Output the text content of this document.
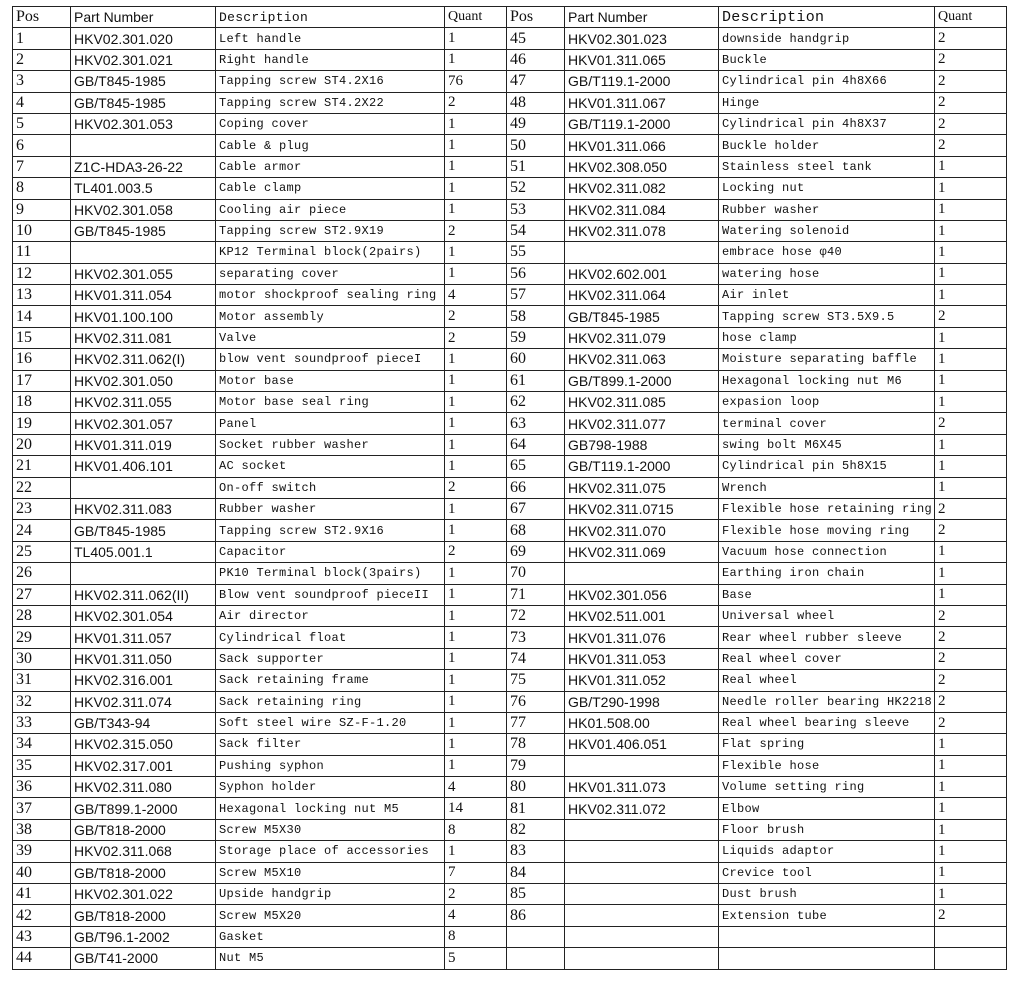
Pos	Part Number	Description	Quant	Pos	Part Number	Description	Quant
1	HKV02.301.020	Left handle	1	45	HKV02.301.023	downside handgrip	2
2	HKV02.301.021	Right handle	1	46	HKV01.311.065	Buckle	2
3	GB/T845-1985	Tapping screw ST4.2X16	76	47	GB/T119.1-2000	Cylindrical pin 4h8X66	2
4	GB/T845-1985	Tapping screw ST4.2X22	2	48	HKV01.311.067	Hinge	2
5	HKV02.301.053	Coping cover	1	49	GB/T119.1-2000	Cylindrical pin 4h8X37	2
6		Cable & plug	1	50	HKV01.311.066	Buckle holder	2
7	Z1C-HDA3-26-22	Cable armor	1	51	HKV02.308.050	Stainless steel tank	1
8	TL401.003.5	Cable clamp	1	52	HKV02.311.082	Locking nut	1
9	HKV02.301.058	Cooling air piece	1	53	HKV02.311.084	Rubber washer	1
10	GB/T845-1985	Tapping screw ST2.9X19	2	54	HKV02.311.078	Watering solenoid	1
11		KP12 Terminal block(2pairs)	1	55		embrace hose φ40	1
12	HKV02.301.055	separating cover	1	56	HKV02.602.001	watering hose	1
13	HKV01.311.054	motor shockproof sealing ring	4	57	HKV02.311.064	Air inlet	1
14	HKV01.100.100	Motor assembly	2	58	GB/T845-1985	Tapping screw ST3.5X9.5	2
15	HKV02.311.081	Valve	2	59	HKV02.311.079	hose clamp	1
16	HKV02.311.062(I)	blow vent soundproof pieceI	1	60	HKV02.311.063	Moisture separating baffle	1
17	HKV02.301.050	Motor base	1	61	GB/T899.1-2000	Hexagonal locking nut M6	1
18	HKV02.311.055	Motor base seal ring	1	62	HKV02.311.085	expasion loop	1
19	HKV02.301.057	Panel	1	63	HKV02.311.077	terminal cover	2
20	HKV01.311.019	Socket rubber washer	1	64	GB798-1988	swing bolt M6X45	1
21	HKV01.406.101	AC socket	1	65	GB/T119.1-2000	Cylindrical pin 5h8X15	1
22		On-off switch	2	66	HKV02.311.075	Wrench	1
23	HKV02.311.083	Rubber washer	1	67	HKV02.311.0715	Flexible hose retaining ring	2
24	GB/T845-1985	Tapping screw ST2.9X16	1	68	HKV02.311.070	Flexible hose moving ring	2
25	TL405.001.1	Capacitor	2	69	HKV02.311.069	Vacuum hose connection	1
26		PK10 Terminal block(3pairs)	1	70		Earthing iron chain	1
27	HKV02.311.062(II)	Blow vent soundproof pieceII	1	71	HKV02.301.056	Base	1
28	HKV02.301.054	Air director	1	72	HKV02.511.001	Universal wheel	2
29	HKV01.311.057	Cylindrical float	1	73	HKV01.311.076	Rear wheel rubber sleeve	2
30	HKV01.311.050	Sack supporter	1	74	HKV01.311.053	Real wheel cover	2
31	HKV02.316.001	Sack retaining frame	1	75	HKV01.311.052	Real wheel	2
32	HKV02.311.074	Sack retaining ring	1	76	GB/T290-1998	Needle roller bearing HK2218	2
33	GB/T343-94	Soft steel wire SZ-F-1.20	1	77	HK01.508.00	Real wheel bearing sleeve	2
34	HKV02.315.050	Sack filter	1	78	HKV01.406.051	Flat spring	1
35	HKV02.317.001	Pushing syphon	1	79		Flexible hose	1
36	HKV02.311.080	Syphon holder	4	80	HKV01.311.073	Volume setting ring	1
37	GB/T899.1-2000	Hexagonal locking nut M5	14	81	HKV02.311.072	Elbow	1
38	GB/T818-2000	Screw M5X30	8	82		Floor brush	1
39	HKV02.311.068	Storage place of accessories	1	83		Liquids adaptor	1
40	GB/T818-2000	Screw M5X10	7	84		Crevice tool	1
41	HKV02.301.022	Upside handgrip	2	85		Dust brush	1
42	GB/T818-2000	Screw M5X20	4	86		Extension tube	2
43	GB/T96.1-2002	Gasket	8				
44	GB/T41-2000	Nut M5	5				
